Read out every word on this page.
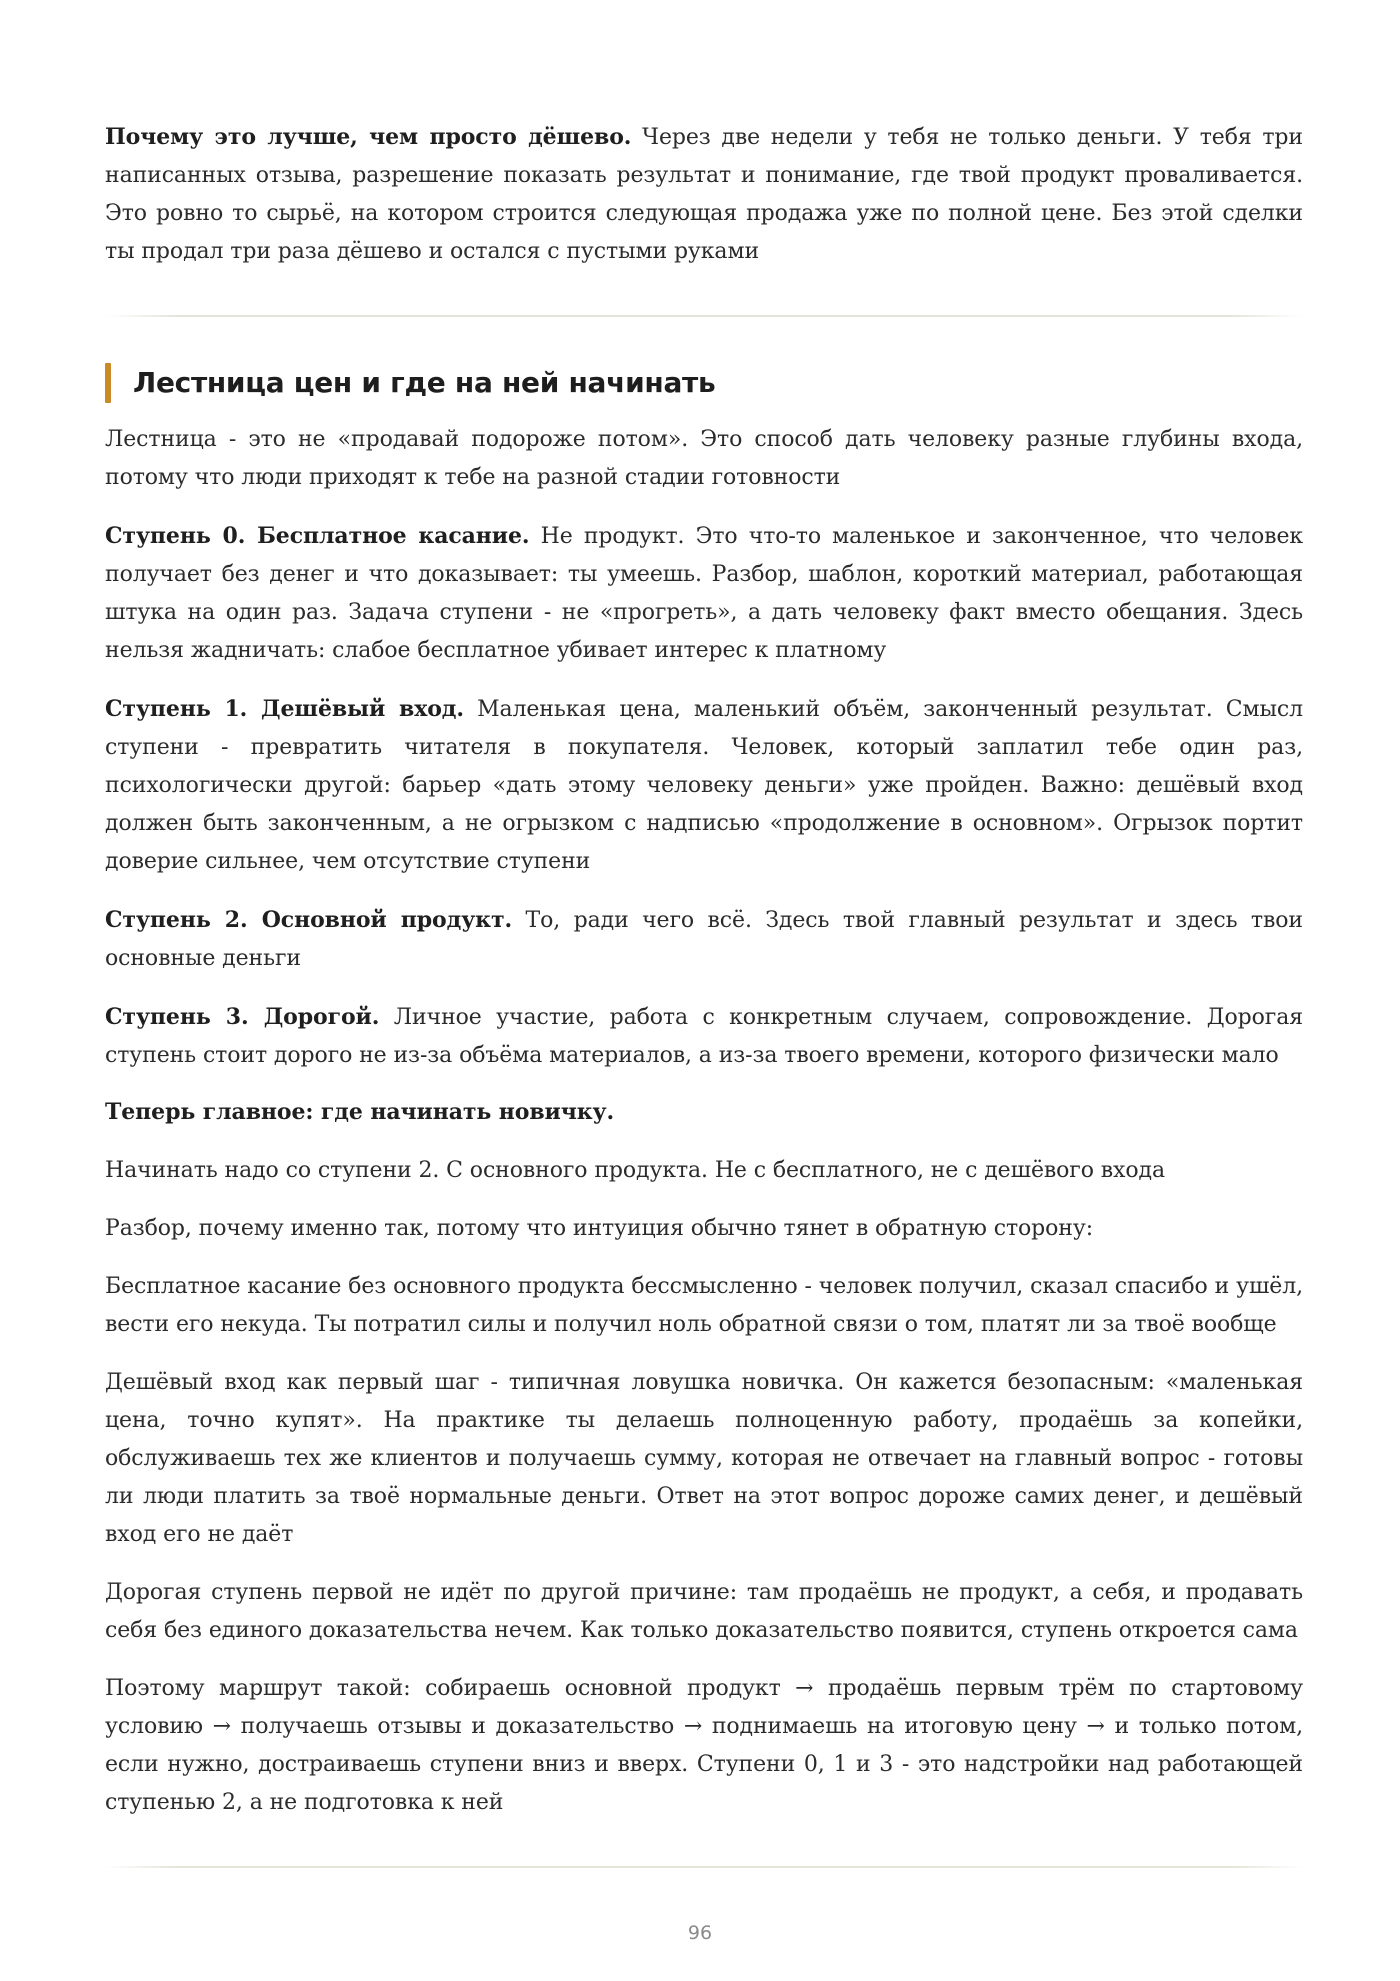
Почему это лучше, чем просто дёшево. Через две недели у тебя не только деньги. У тебя три написанных отзыва, разрешение показать результат и понимание, где твой продукт проваливается. Это ровно то сырьё, на котором строится следующая продажа уже по полной цене. Без этой сделки ты продал три раза дёшево и остался с пустыми руками

Лестница цен и где на ней начинать

Лестница - это не «продавай подороже потом». Это способ дать человеку разные глубины входа, потому что люди приходят к тебе на разной стадии готовности

Ступень 0. Бесплатное касание. Не продукт. Это что-то маленькое и законченное, что человек получает без денег и что доказывает: ты умеешь. Разбор, шаблон, короткий материал, работающая штука на один раз. Задача ступени - не «прогреть», а дать человеку факт вместо обещания. Здесь нельзя жадничать: слабое бесплатное убивает интерес к платному

Ступень 1. Дешёвый вход. Маленькая цена, маленький объём, законченный результат. Смысл ступени - превратить читателя в покупателя. Человек, который заплатил тебе один раз, психологически другой: барьер «дать этому человеку деньги» уже пройден. Важно: дешёвый вход должен быть законченным, а не огрызком с надписью «продолжение в основном». Огрызок портит доверие сильнее, чем отсутствие ступени

Ступень 2. Основной продукт. То, ради чего всё. Здесь твой главный результат и здесь твои основные деньги

Ступень 3. Дорогой. Личное участие, работа с конкретным случаем, сопровождение. Дорогая ступень стоит дорого не из-за объёма материалов, а из-за твоего времени, которого физически мало

Теперь главное: где начинать новичку.

Начинать надо со ступени 2. С основного продукта. Не с бесплатного, не с дешёвого входа

Разбор, почему именно так, потому что интуиция обычно тянет в обратную сторону:

Бесплатное касание без основного продукта бессмысленно - человек получил, сказал спасибо и ушёл, вести его некуда. Ты потратил силы и получил ноль обратной связи о том, платят ли за твоё вообще

Дешёвый вход как первый шаг - типичная ловушка новичка. Он кажется безопасным: «маленькая цена, точно купят». На практике ты делаешь полноценную работу, продаёшь за копейки, обслуживаешь тех же клиентов и получаешь сумму, которая не отвечает на главный вопрос - готовы ли люди платить за твоё нормальные деньги. Ответ на этот вопрос дороже самих денег, и дешёвый вход его не даёт

Дорогая ступень первой не идёт по другой причине: там продаёшь не продукт, а себя, и продавать себя без единого доказательства нечем. Как только доказательство появится, ступень откроется сама

Поэтому маршрут такой: собираешь основной продукт → продаёшь первым трём по стартовому условию → получаешь отзывы и доказательство → поднимаешь на итоговую цену → и только потом, если нужно, достраиваешь ступени вниз и вверх. Ступени 0, 1 и 3 - это надстройки над работающей ступенью 2, а не подготовка к ней

96
